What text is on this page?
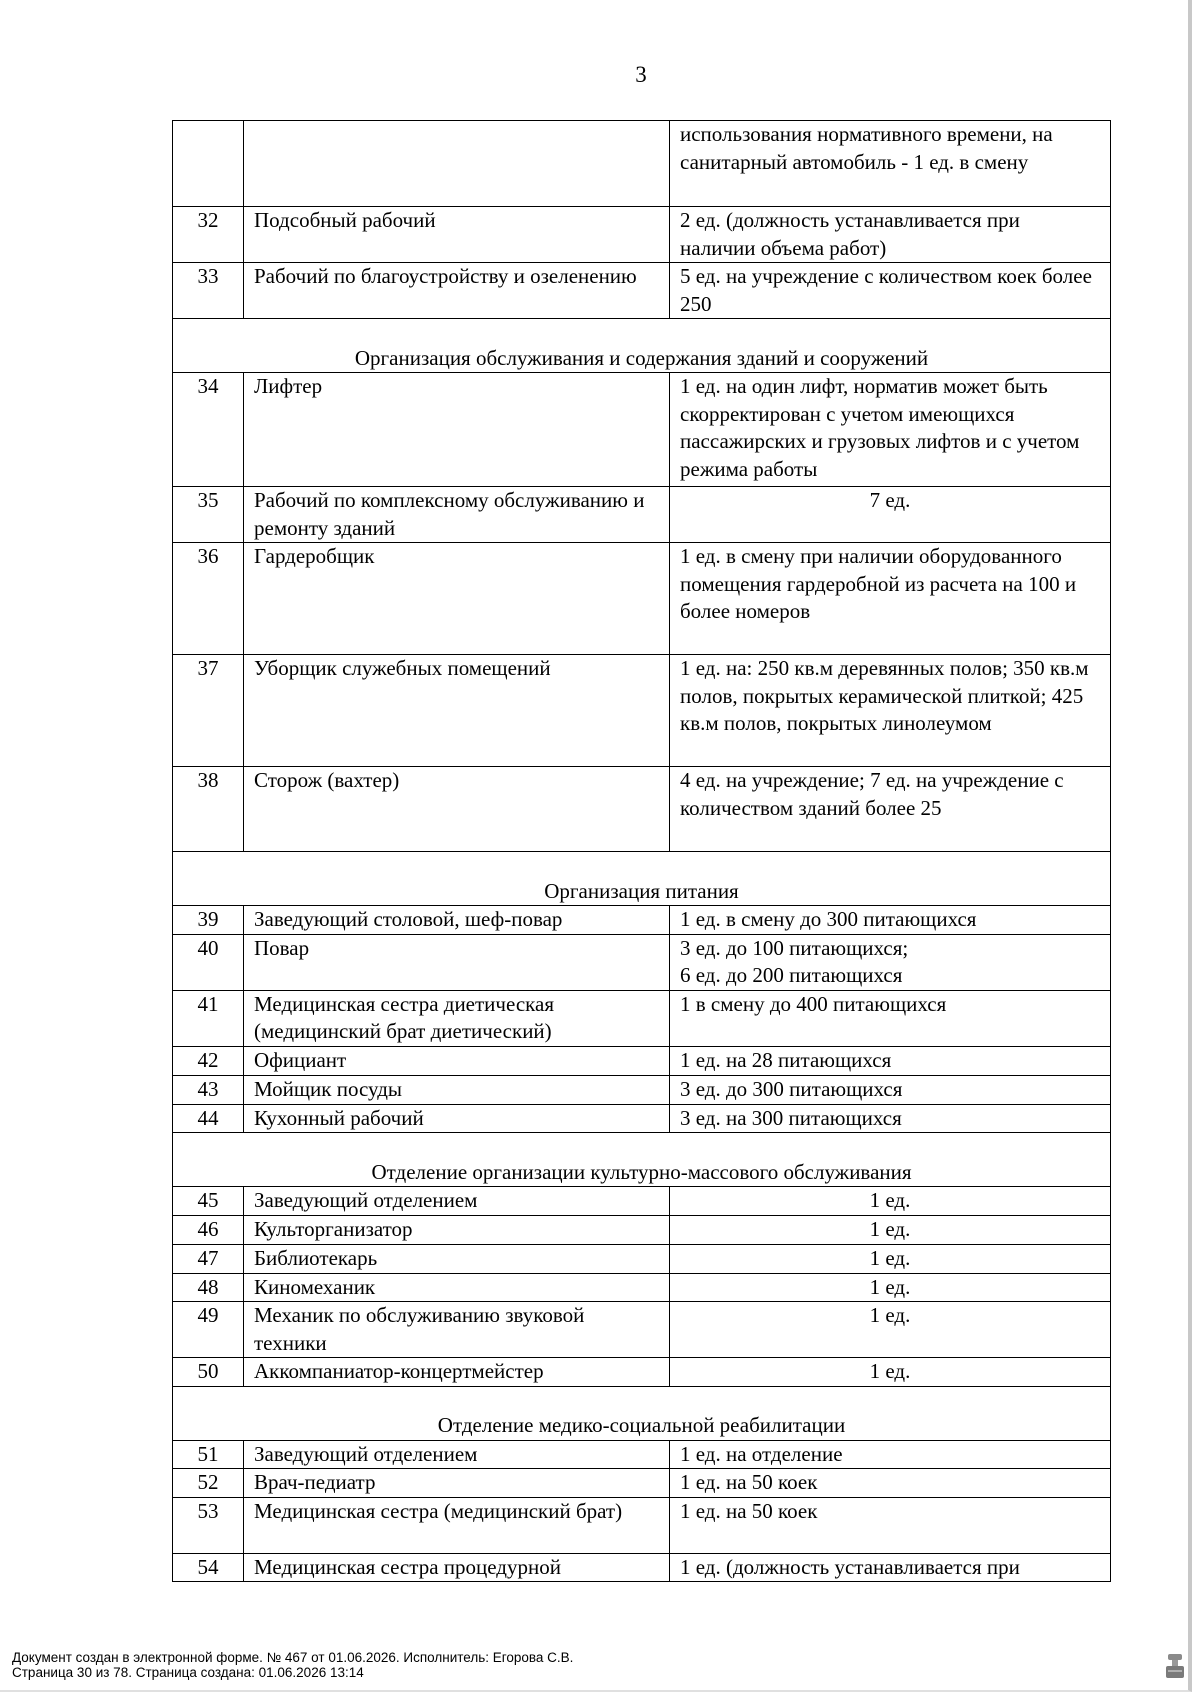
3
		использования нормативного времени, на санитарный автомобиль - 1 ед. в смену
32	Подсобный рабочий	2 ед. (должность устанавливается при наличии объема работ)
33	Рабочий по благоустройству и озеленению	5 ед. на учреждение с количеством коек более 250
Организация обслуживания и содержания зданий и сооружений		
34	Лифтер	1 ед. на один лифт, норматив может быть скорректирован с учетом имеющихся пассажирских и грузовых лифтов и с учетом режима работы
35	Рабочий по комплексному обслуживанию и ремонту зданий	7 ед.
36	Гардеробщик	1 ед. в смену при наличии оборудованного помещения гардеробной из расчета на 100 и более номеров
37	Уборщик служебных помещений	1 ед. на: 250 кв.м деревянных полов; 350 кв.м полов, покрытых керамической плиткой; 425 кв.м полов, покрытых линолеумом
38	Сторож (вахтер)	4 ед. на учреждение; 7 ед. на учреждение с количеством зданий более 25
Организация питания		
39	Заведующий столовой, шеф-повар	1 ед. в смену до 300 питающихся
40	Повар	3 ед. до 100 питающихся;
6 ед. до 200 питающихся

41	Медицинская сестра диетическая (медицинский брат диетический)	1 в смену до 400 питающихся
42	Официант	1 ед. на 28 питающихся
43	Мойщик посуды	3 ед. до 300 питающихся
44	Кухонный рабочий	3 ед. на 300 питающихся
Отделение организации культурно-массового обслуживания		
45	Заведующий отделением	1 ед.
46	Культорганизатор	1 ед.
47	Библиотекарь	1 ед.
48	Киномеханик	1 ед.
49	Механик по обслуживанию звуковой техники	1 ед.
50	Аккомпаниатор-концертмейстер	1 ед.
Отделение медико-социальной реабилитации		
51	Заведующий отделением	1 ед. на отделение
52	Врач-педиатр	1 ед. на 50 коек
53	Медицинская сестра (медицинский брат)	1 ед. на 50 коек
54	Медицинская сестра процедурной	1 ед. (должность устанавливается при
Документ создан в электронной форме. № 467 от 01.06.2026. Исполнитель: Егорова С.В.
Страница 30 из 78. Страница создана: 01.06.2026 13:14
